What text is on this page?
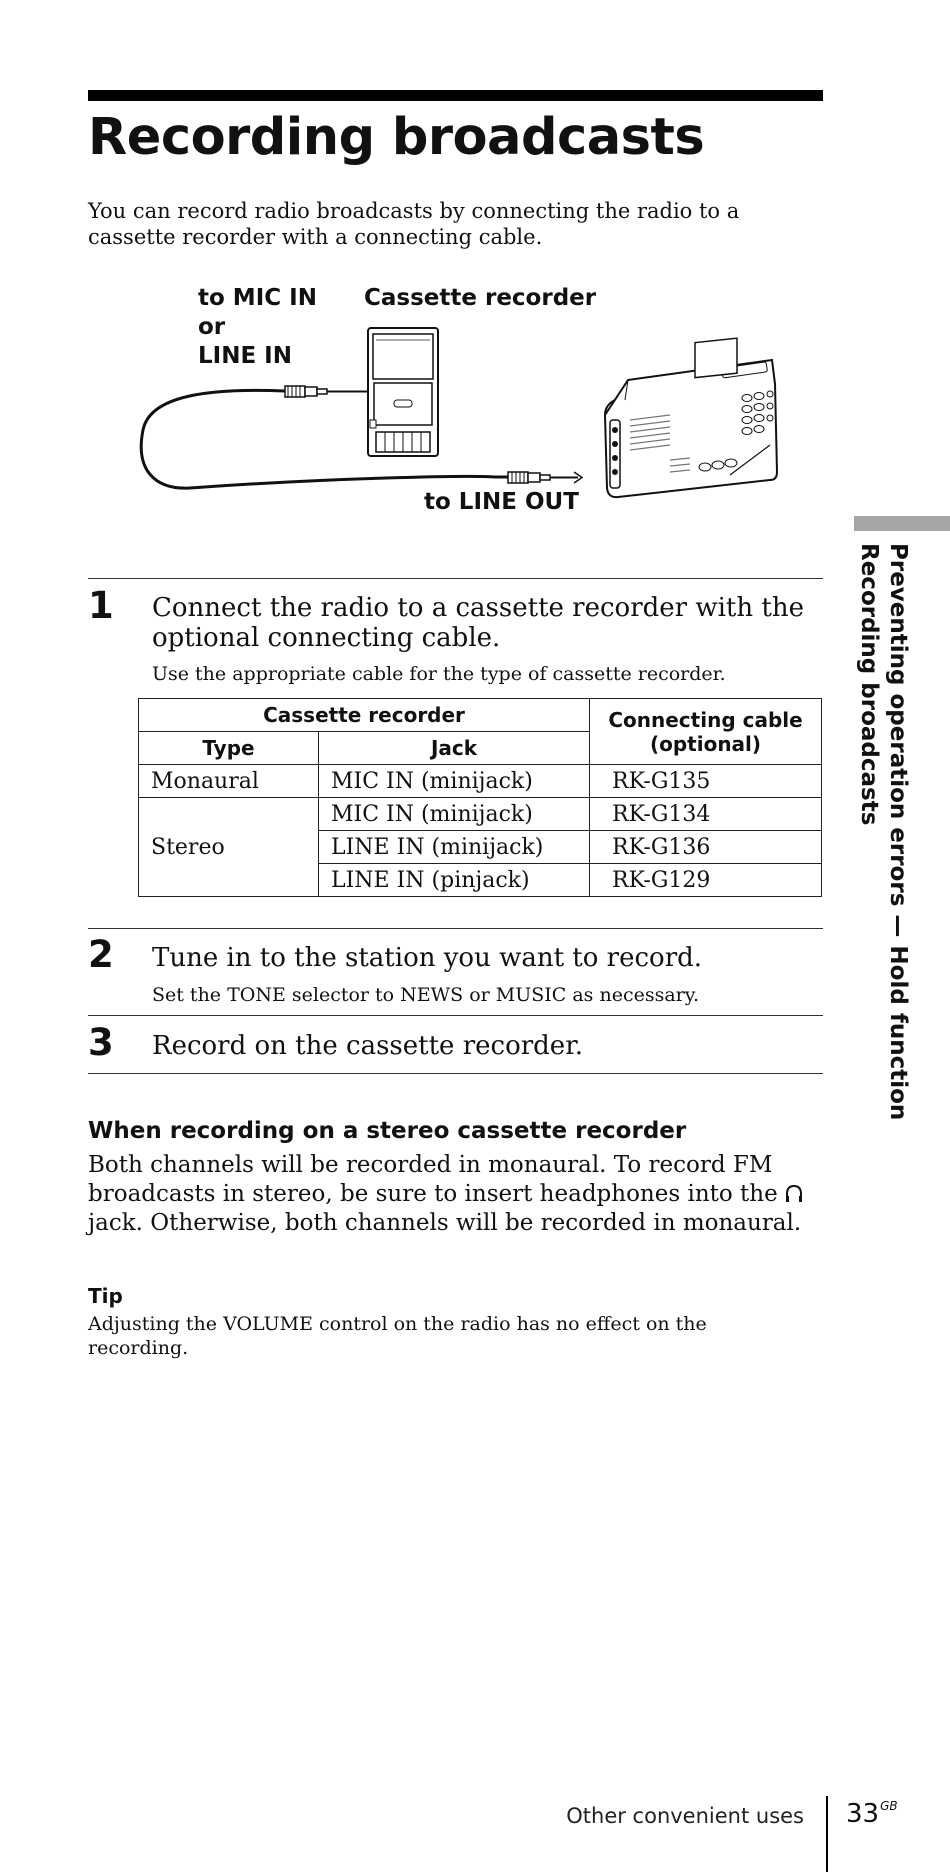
Recording broadcasts
You can record radio broadcasts by connecting the radio to a cassette recorder with a connecting cable.
to MIC IN
or
LINE IN
Cassette recorder
to LINE OUT
1 Connect the radio to a cassette recorder with the optional connecting cable.
Use the appropriate cable for the type of cassette recorder.
Cassette recorder		Connecting cable (optional)
Type	Jack	
Monaural	MIC IN (minijack)	RK-G135
Stereo	MIC IN (minijack)	RK-G134
	LINE IN (minijack)	RK-G136
	LINE IN (pinjack)	RK-G129
2 Tune in to the station you want to record.
Set the TONE selector to NEWS or MUSIC as necessary.
3 Record on the cassette recorder.
When recording on a stereo cassette recorder
Both channels will be recorded in monaural. To record FM broadcasts in stereo, be sure to insert headphones into the  jack. Otherwise, both channels will be recorded in monaural.
Tip
Adjusting the VOLUME control on the radio has no effect on the recording.
Preventing operation errors — Hold function
Recording broadcasts
Other convenient uses $33^{GB}$
